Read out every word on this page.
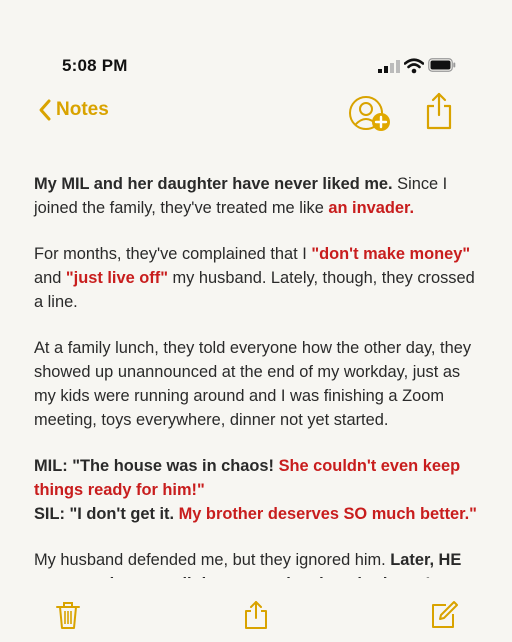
5:08 PM
Notes

My MIL and her daughter have never liked me. Since I joined the family, they've treated me like an invader.

For months, they've complained that I "don't make money" and "just live off" my husband. Lately, though, they crossed a line.

At a family lunch, they told everyone how the other day, they showed up unannounced at the end of my workday, just as my kids were running around and I was finishing a Zoom meeting, toys everywhere, dinner not yet started.

MIL: "The house was in chaos! She couldn't even keep things ready for him!"
SIL: "I don't get it. My brother deserves SO much better."

My husband defended me, but they ignored him. Later, HE
